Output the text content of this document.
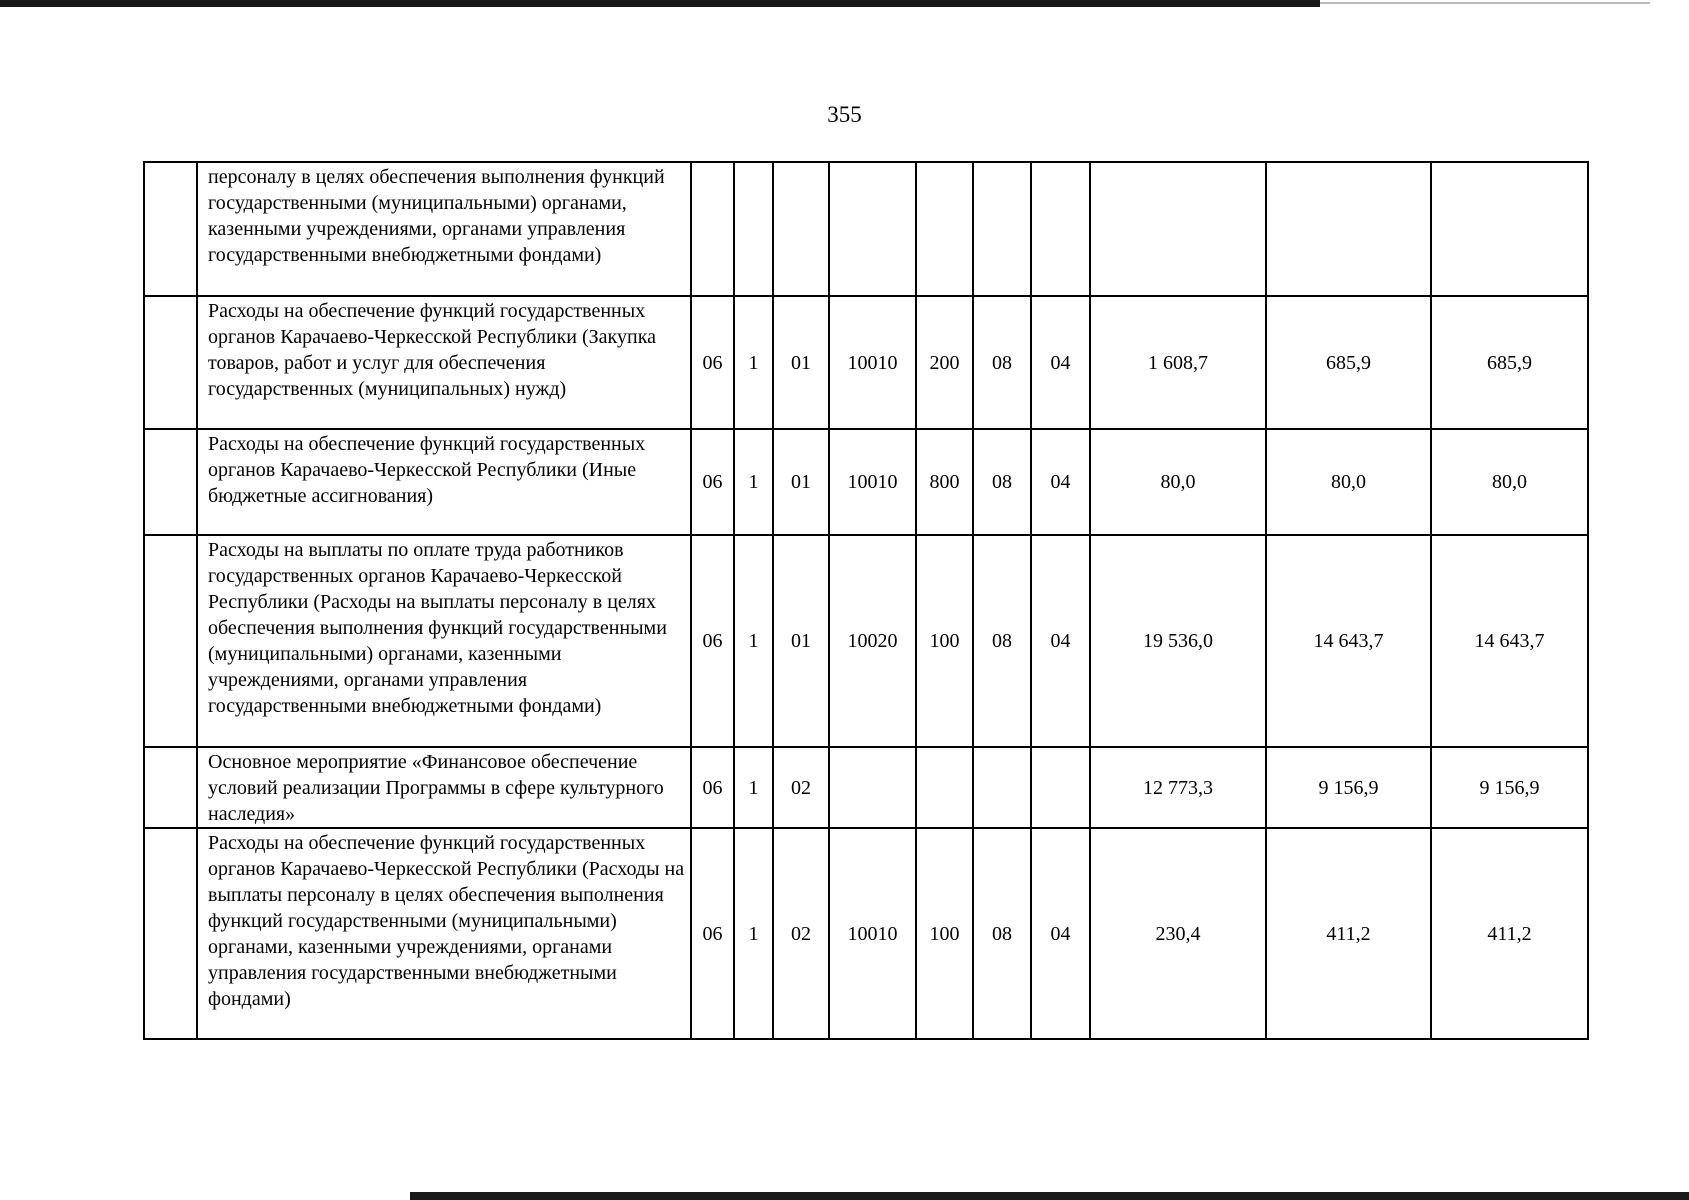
355
	персоналу в целях обеспечения выполнения функций государственными (муниципальными) органами, казенными учреждениями, органами управления государственными внебюджетными фондами)										
	Расходы на обеспечение функций государственных органов Карачаево-Черкесской Республики (Закупка товаров, работ и услуг для обеспечения государственных (муниципальных) нужд)	06	1	01	10010	200	08	04	1 608,7	685,9	685,9
	Расходы на обеспечение функций государственных органов Карачаево-Черкесской Республики (Иные бюджетные ассигнования)	06	1	01	10010	800	08	04	80,0	80,0	80,0
	Расходы на выплаты по оплате труда работников государственных органов Карачаево-Черкесской Республики (Расходы на выплаты персоналу в целях обеспечения выполнения функций государственными (муниципальными) органами, казенными учреждениями, органами управления государственными внебюджетными фондами)	06	1	01	10020	100	08	04	19 536,0	14 643,7	14 643,7
	Основное мероприятие «Финансовое обеспечение условий реализации Программы в сфере культурного наследия»	06	1	02					12 773,3	9 156,9	9 156,9
	Расходы на обеспечение функций государственных органов Карачаево-Черкесской Республики (Расходы на выплаты персоналу в целях обеспечения выполнения функций государственными (муниципальными) органами, казенными учреждениями, органами управления государственными внебюджетными фондами)	06	1	02	10010	100	08	04	230,4	411,2	411,2
